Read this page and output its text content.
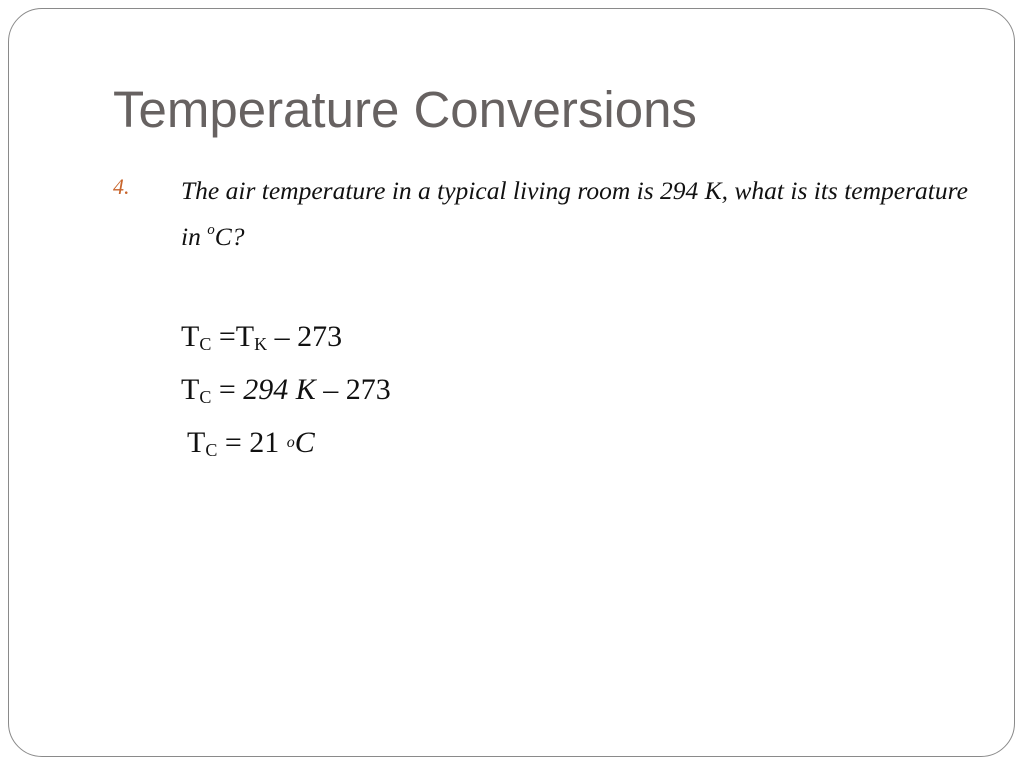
Temperature Conversions
4. The air temperature in a typical living room is 294 K, what is its temperature in $^o$C?
$T_C =T_K - 273$
$T_C = 294$ K – 273
$T_C = 21$ $^o$C
